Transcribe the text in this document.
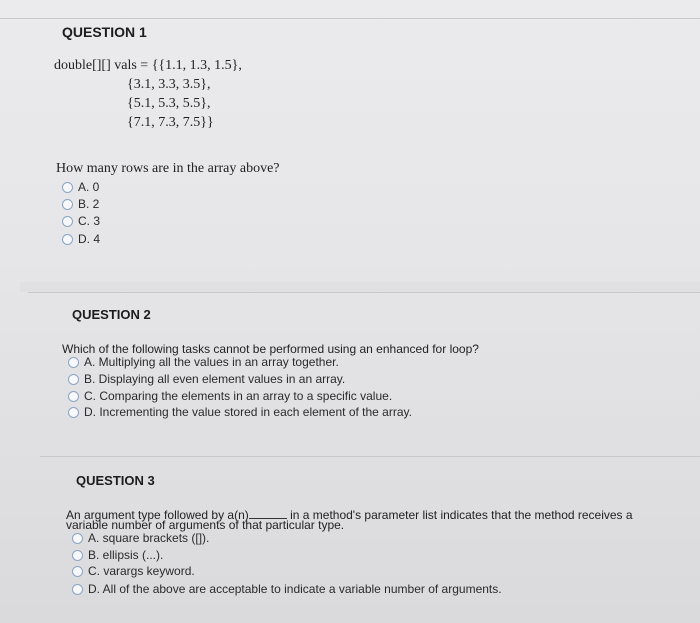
QUESTION 1
double[][] vals = {{1.1, 1.3, 1.5},
{3.1, 3.3, 3.5},
{5.1, 5.3, 5.5},
{7.1, 7.3, 7.5}}
How many rows are in the array above?
A. 0
B. 2
C. 3
D. 4
QUESTION 2
Which of the following tasks cannot be performed using an enhanced for loop?
A. Multiplying all the values in an array together.
B. Displaying all even element values in an array.
C. Comparing the elements in an array to a specific value.
D. Incrementing the value stored in each element of the array.
QUESTION 3
An argument type followed by a(n)	in a method's parameter list indicates that the method receives a
variable number of arguments of that particular type.
A. square brackets ([]).
B. ellipsis (...).
C. varargs keyword.
D. All of the above are acceptable to indicate a variable number of arguments.
